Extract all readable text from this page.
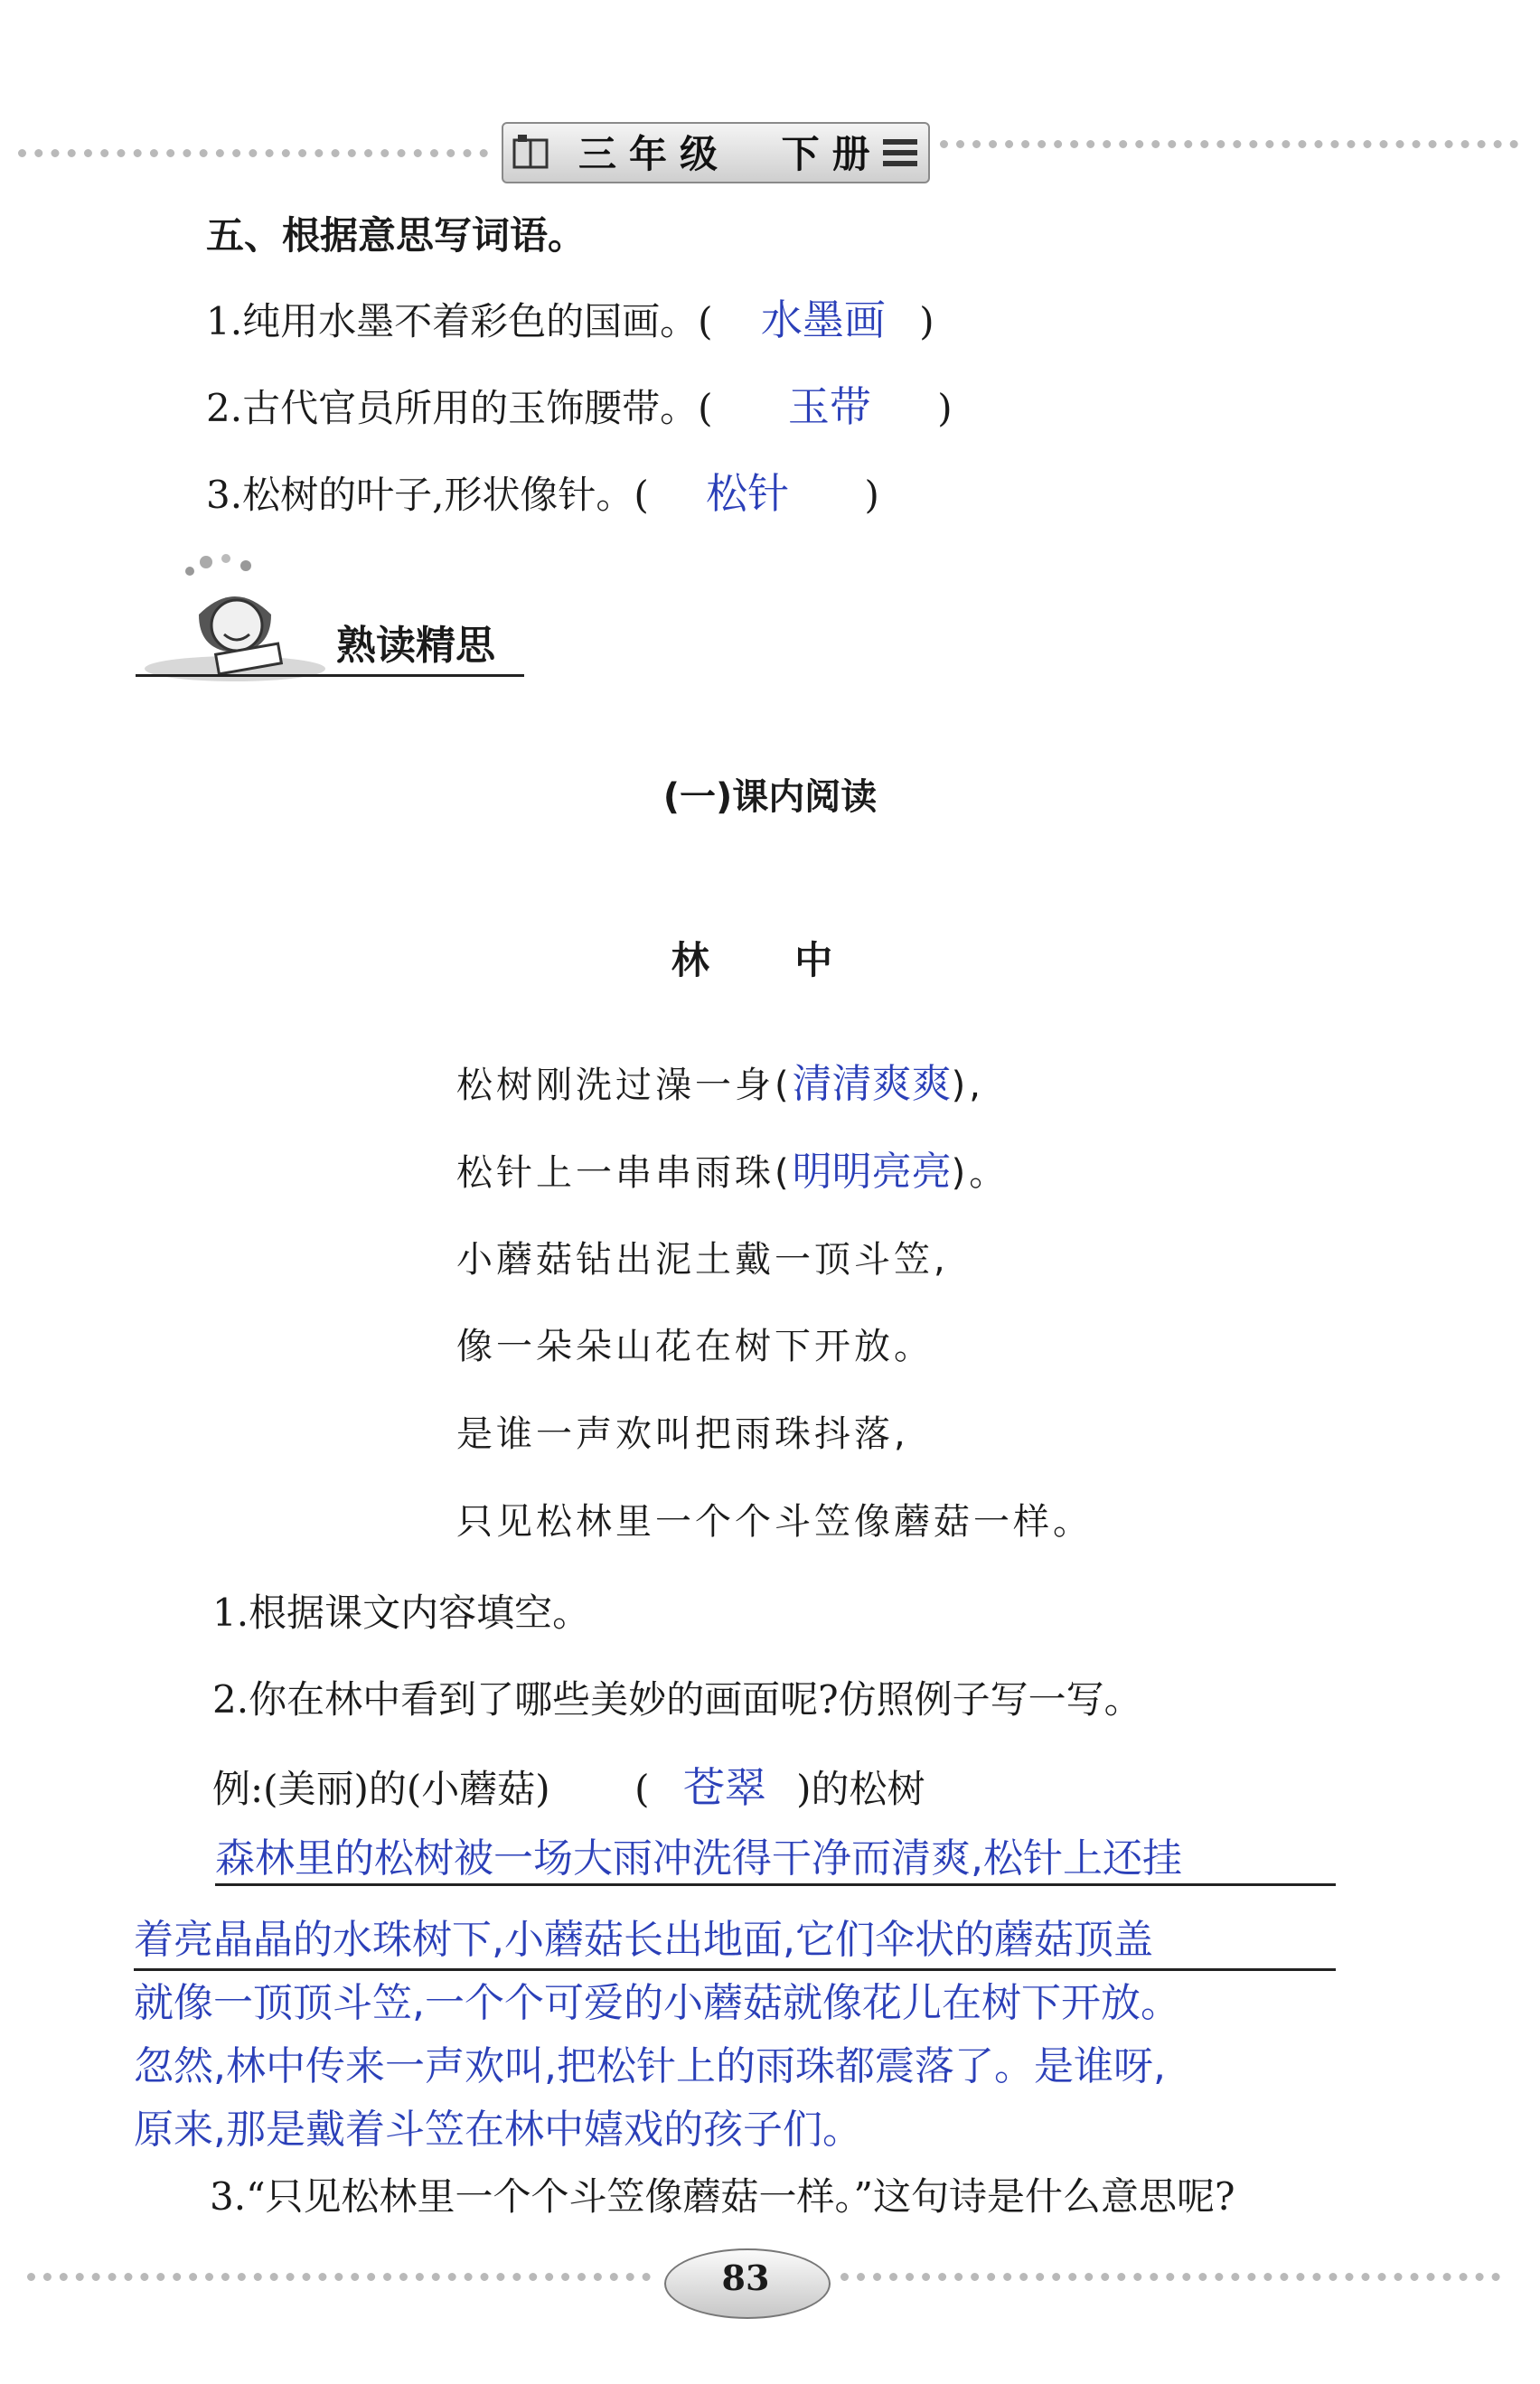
三年级 下册
五、根据意思写词语。
1.纯用水墨不着彩色的国画。( 水墨画 )
2.古代官员所用的玉饰腰带。( 玉带 )
3.松树的叶子,形状像针。( 松针 )
熟读精思
(一)课内阅读
林 中
松树刚洗过澡一身(清清爽爽),
松针上一串串雨珠(明明亮亮)。
小蘑菇钻出泥土戴一顶斗笠,
像一朵朵山花在树下开放。
是谁一声欢叫把雨珠抖落,
只见松林里一个个斗笠像蘑菇一样。
1.根据课文内容填空。
2.你在林中看到了哪些美妙的画面呢?仿照例子写一写。
例:(美丽)的(小蘑菇) ( 苍翠 )的松树
森林里的松树被一场大雨冲洗得干净而清爽,松针上还挂
着亮晶晶的水珠树下,小蘑菇长出地面,它们伞状的蘑菇顶盖
就像一顶顶斗笠,一个个可爱的小蘑菇就像花儿在树下开放。
忽然,林中传来一声欢叫,把松针上的雨珠都震落了。是谁呀,
原来,那是戴着斗笠在林中嬉戏的孩子们。
3.“只见松林里一个个斗笠像蘑菇一样。”这句诗是什么意思呢?
83
